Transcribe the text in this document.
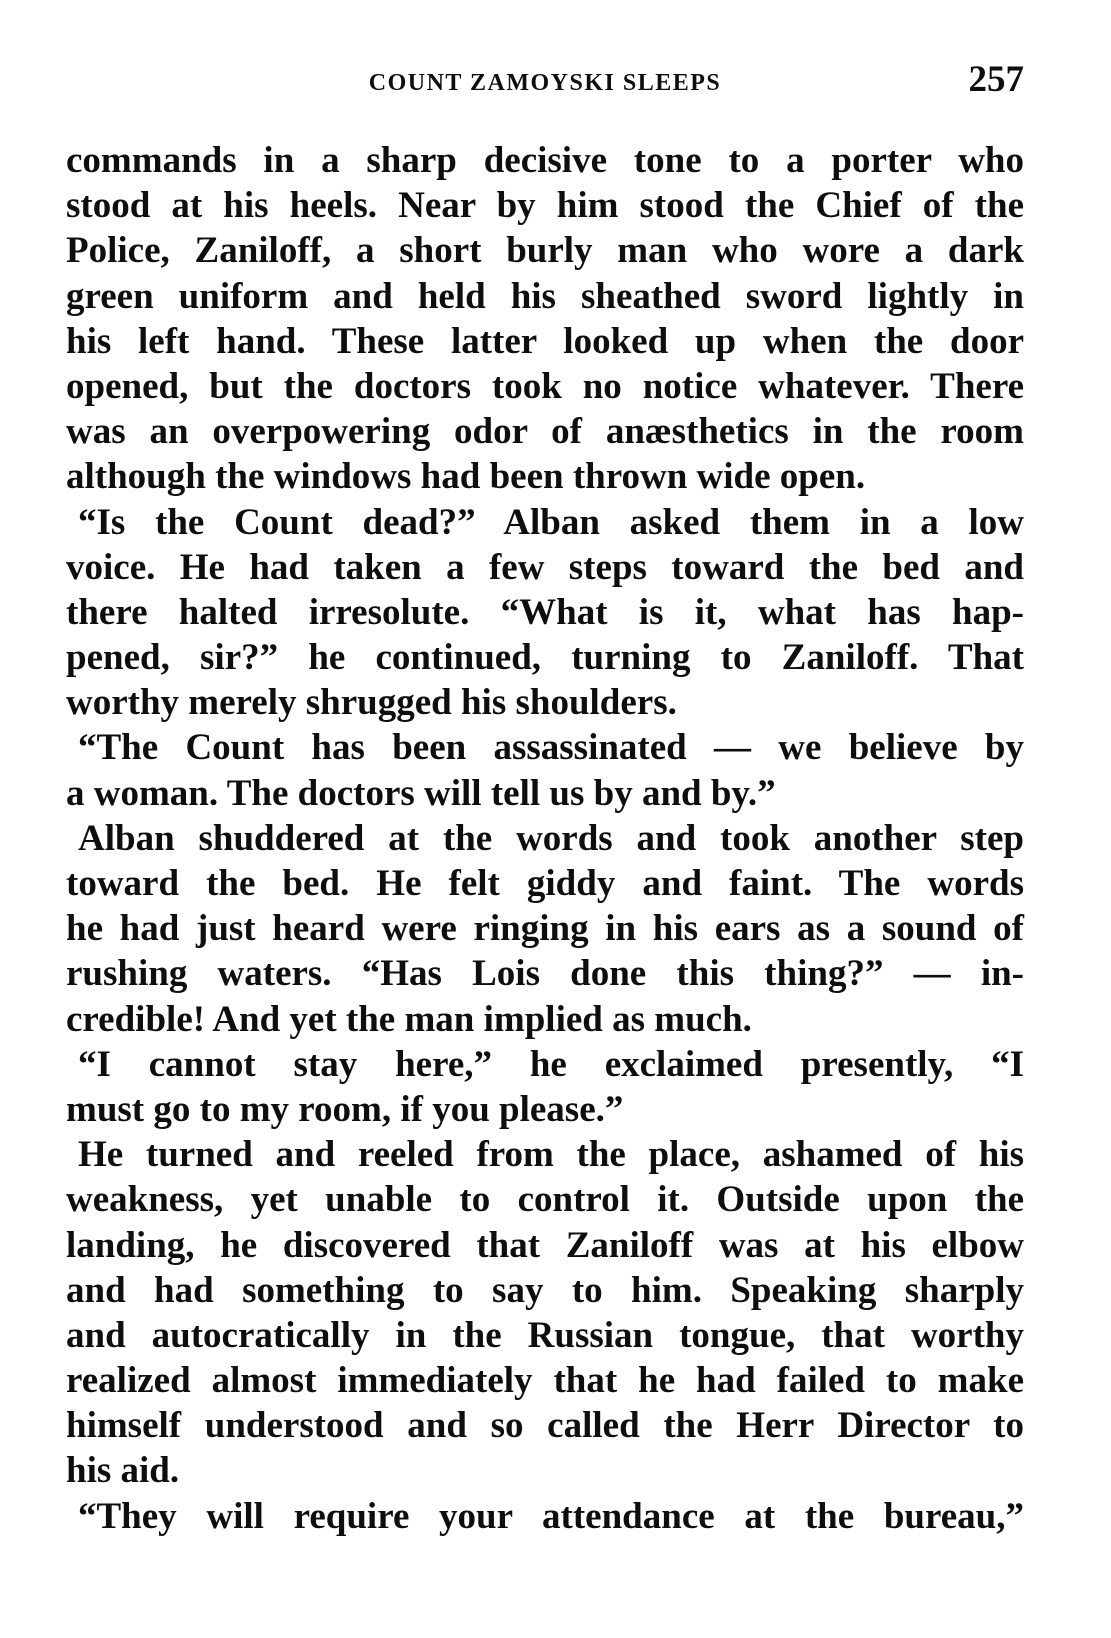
COUNT ZAMOYSKI SLEEPS	257
commands in a sharp decisive tone to a porter who
stood at his heels. Near by him stood the Chief of the
Police, Zaniloff, a short burly man who wore a dark
green uniform and held his sheathed sword lightly in
his left hand. These latter looked up when the door
opened, but the doctors took no notice whatever. There
was an overpowering odor of anæsthetics in the room
although the windows had been thrown wide open.
“Is the Count dead?” Alban asked them in a low
voice. He had taken a few steps toward the bed and
there halted irresolute. “What is it, what has hap-
pened, sir?” he continued, turning to Zaniloff. That
worthy merely shrugged his shoulders.
“The Count has been assassinated — we believe by
a woman. The doctors will tell us by and by.”
Alban shuddered at the words and took another step
toward the bed. He felt giddy and faint. The words
he had just heard were ringing in his ears as a sound of
rushing waters. “Has Lois done this thing?” — in-
credible! And yet the man implied as much.
“I cannot stay here,” he exclaimed presently, “I
must go to my room, if you please.”
He turned and reeled from the place, ashamed of his
weakness, yet unable to control it. Outside upon the
landing, he discovered that Zaniloff was at his elbow
and had something to say to him. Speaking sharply
and autocratically in the Russian tongue, that worthy
realized almost immediately that he had failed to make
himself understood and so called the Herr Director to
his aid.
“They will require your attendance at the bureau,”
